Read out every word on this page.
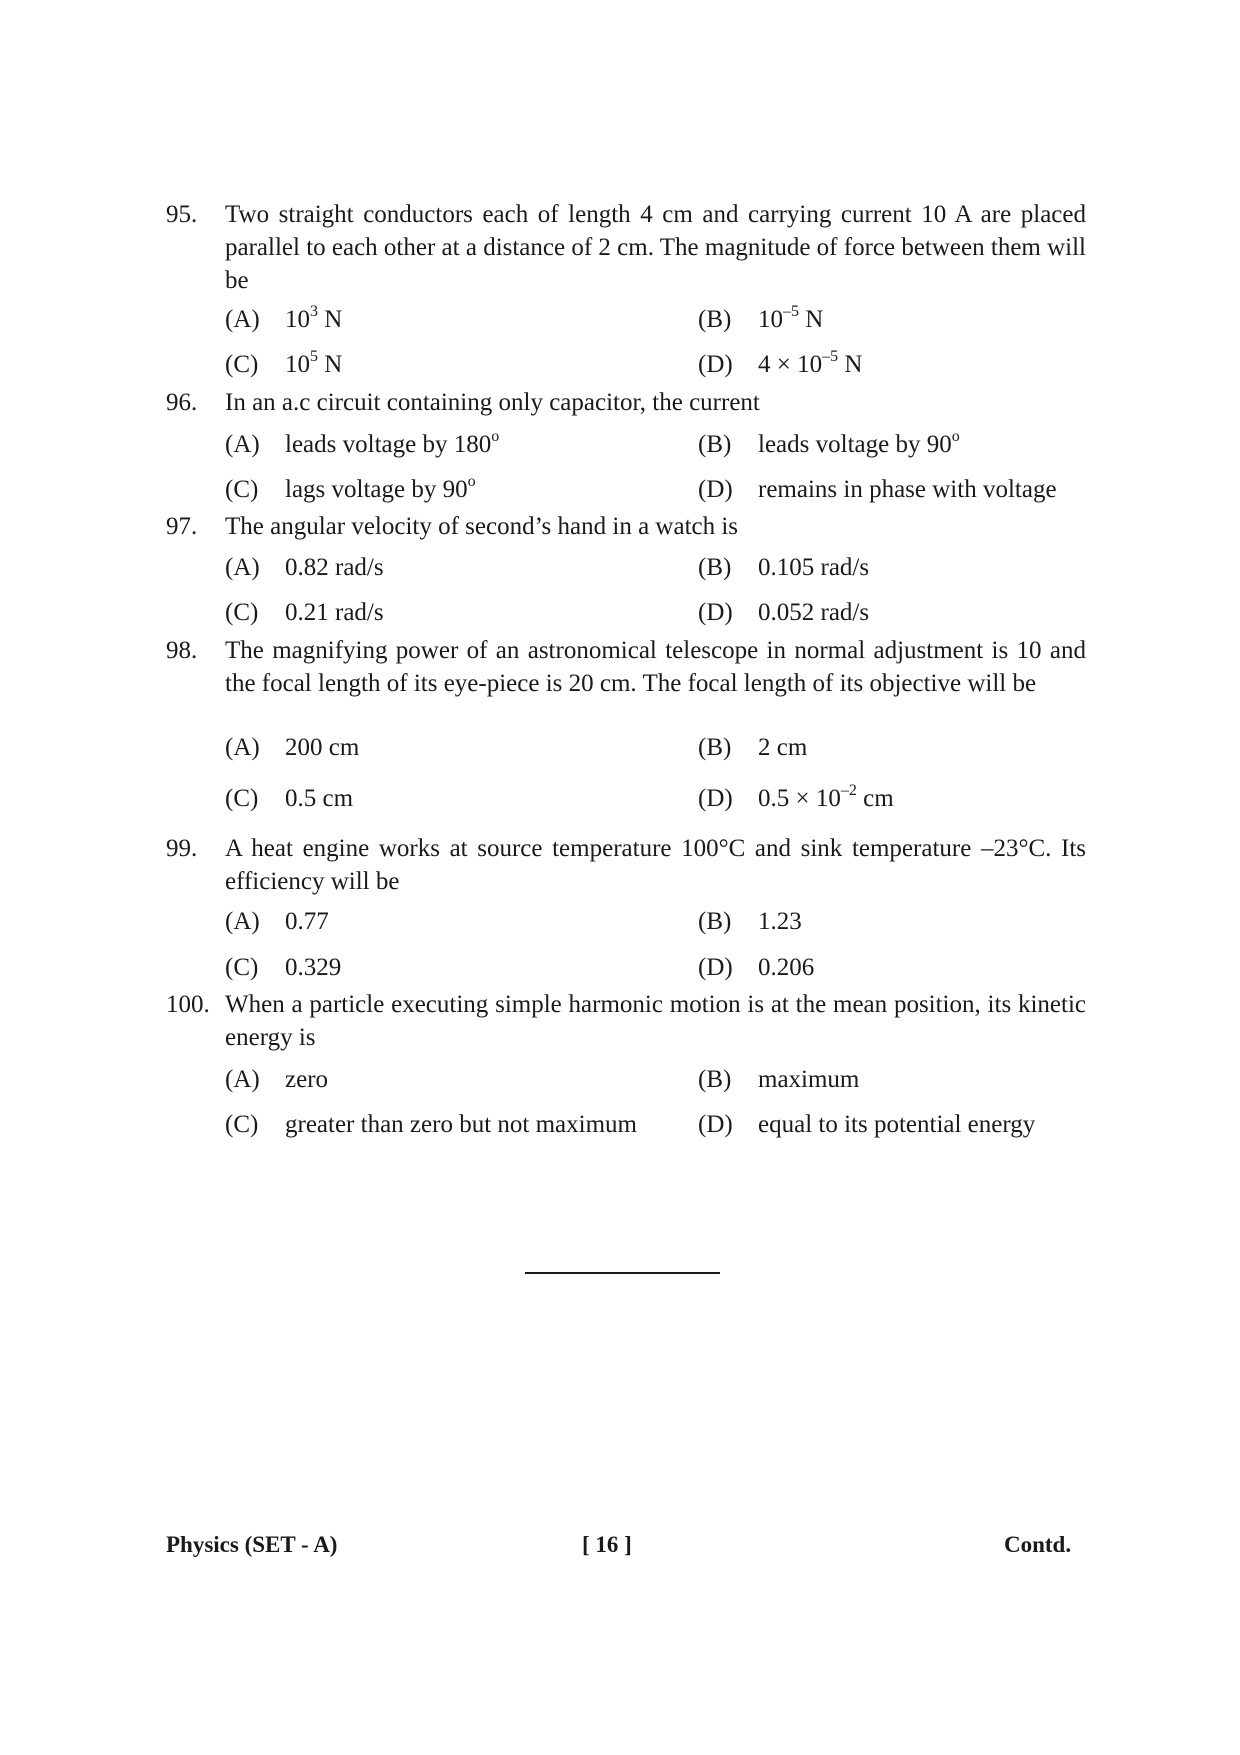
95. Two straight conductors each of length 4 cm and carrying current 10 A are placed parallel to each other at a distance of 2 cm. The magnitude of force between them will be
(A) $10^3$ N	(B) $10^{-5}$ N
(C) $10^5$ N	(D) $4 \times 10^{-5}$ N
96. In an a.c circuit containing only capacitor, the current
(A) leads voltage by 180$^o$	(B) leads voltage by 90$^o$
(C) lags voltage by 90$^o$	(D) remains in phase with voltage
97. The angular velocity of second’s hand in a watch is
(A) 0.82 rad/s	(B) 0.105 rad/s
(C) 0.21 rad/s	(D) 0.052 rad/s
98. The magnifying power of an astronomical telescope in normal adjustment is 10 and the focal length of its eye-piece is 20 cm. The focal length of its objective will be
(A) 200 cm	(B) 2 cm
(C) 0.5 cm	(D) $0.5 \times 10^{-2}$ cm
99. A heat engine works at source temperature 100°C and sink temperature –23°C. Its efficiency will be
(A) 0.77	(B) 1.23
(C) 0.329	(D) 0.206
100. When a particle executing simple harmonic motion is at the mean position, its kinetic energy is
(A) zero	(B) maximum
(C) greater than zero but not maximum (D) equal to its potential energy
Physics (SET - A)	[ 16 ]	Contd.
